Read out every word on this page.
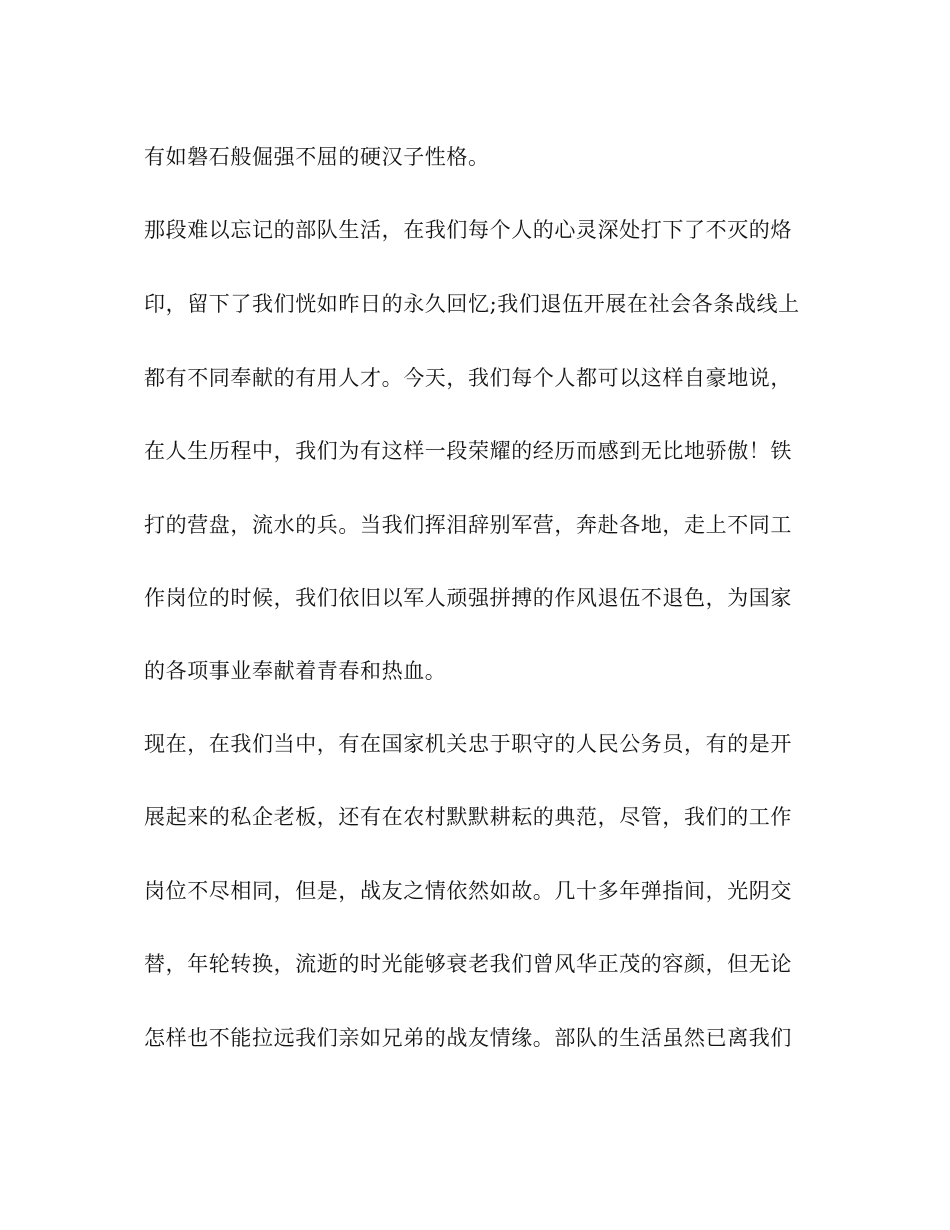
有如磐石般倔强不屈的硬汉子性格。
那段难以忘记的部队生活，在我们每个人的心灵深处打下了不灭的烙
印，留下了我们恍如昨日的永久回忆;我们退伍开展在社会各条战线上
都有不同奉献的有用人才。今天，我们每个人都可以这样自豪地说，
在人生历程中，我们为有这样一段荣耀的经历而感到无比地骄傲！铁
打的营盘，流水的兵。当我们挥泪辞别军营，奔赴各地，走上不同工
作岗位的时候，我们依旧以军人顽强拼搏的作风退伍不退色，为国家
的各项事业奉献着青春和热血。
现在，在我们当中，有在国家机关忠于职守的人民公务员，有的是开
展起来的私企老板，还有在农村默默耕耘的典范，尽管，我们的工作
岗位不尽相同，但是，战友之情依然如故。几十多年弹指间，光阴交
替，年轮转换，流逝的时光能够衰老我们曾风华正茂的容颜，但无论
怎样也不能拉远我们亲如兄弟的战友情缘。部队的生活虽然已离我们
